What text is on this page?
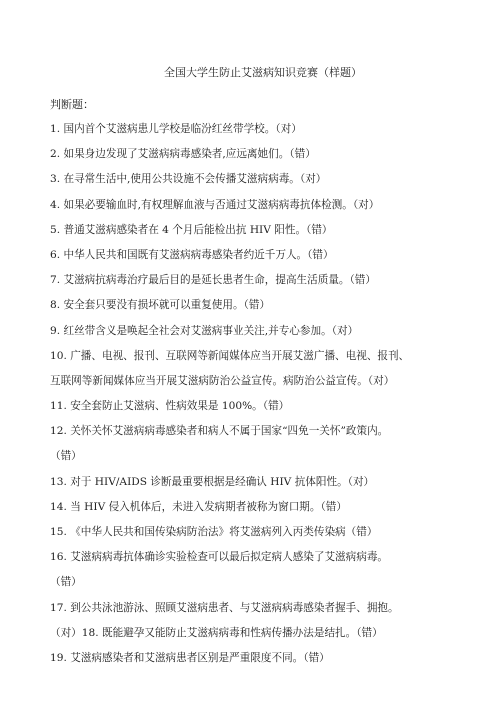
全国大学生防止艾滋病知识竞赛（样题）
判断题：
1. 国内首个艾滋病患儿学校是临汾红丝带学校。（对）
2. 如果身边发现了艾滋病病毒感染者,应远离她们。（错）
3. 在寻常生活中,使用公共设施不会传播艾滋病病毒。（对）
4. 如果必要输血时,有权理解血液与否通过艾滋病病毒抗体检测。（对）
5. 普通艾滋病感染者在 4 个月后能检出抗 HIV 阳性。（错）
6. 中华人民共和国既有艾滋病病毒感染者约近千万人。（错）
7. 艾滋病抗病毒治疗最后目的是延长患者生命，提高生活质量。（错）
8. 安全套只要没有损坏就可以重复使用。（错）
9. 红丝带含义是唤起全社会对艾滋病事业关注,并专心参加。（对）
10. 广播、电视、报刊、互联网等新闻媒体应当开展艾滋广播、电视、报刊、
互联网等新闻媒体应当开展艾滋病防治公益宣传。病防治公益宣传。（对）
11. 安全套防止艾滋病、性病效果是 100%。（错）
12. 关怀关怀艾滋病病毒感染者和病人不属于国家“四免一关怀”政策内。
（错）
13. 对于 HIV/AIDS 诊断最重要根据是经确认 HIV 抗体阳性。（对）
14. 当 HIV 侵入机体后，未进入发病期者被称为窗口期。（错）
15. 《中华人民共和国传染病防治法》将艾滋病列入丙类传染病（错）
16. 艾滋病病毒抗体确诊实验检查可以最后拟定病人感染了艾滋病病毒。
（错）
17. 到公共泳池游泳、照顾艾滋病患者、与艾滋病病毒感染者握手、拥抱。
（对）18. 既能避孕又能防止艾滋病病毒和性病传播办法是结扎。（错）
19. 艾滋病感染者和艾滋病患者区别是严重限度不同。（错）
